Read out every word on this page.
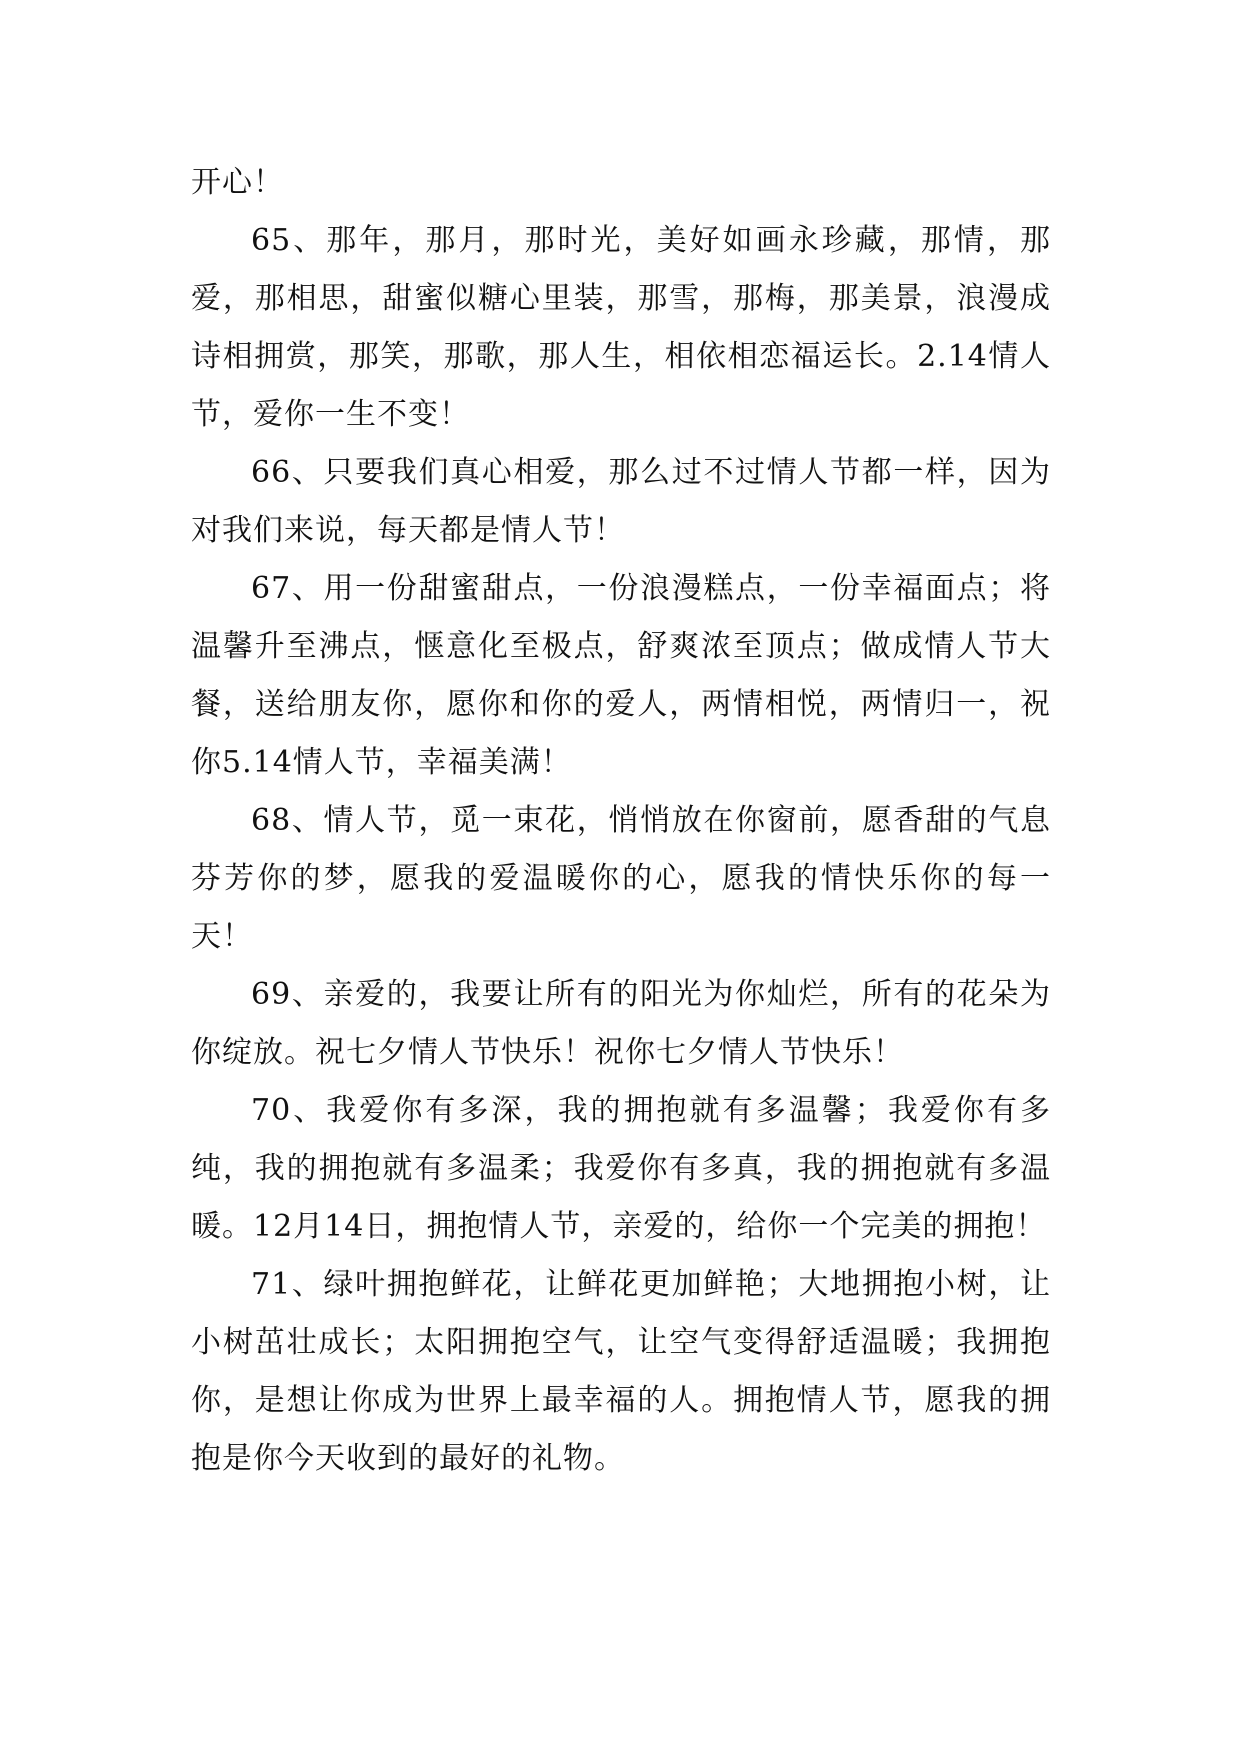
开心！

65、那年，那月，那时光，美好如画永珍藏，那情，那爱，那相思，甜蜜似糖心里装，那雪，那梅，那美景，浪漫成诗相拥赏，那笑，那歌，那人生，相依相恋福运长。2.14情人节，爱你一生不变！

66、只要我们真心相爱，那么过不过情人节都一样，因为对我们来说，每天都是情人节！

67、用一份甜蜜甜点，一份浪漫糕点，一份幸福面点；将温馨升至沸点，惬意化至极点，舒爽浓至顶点；做成情人节大餐，送给朋友你，愿你和你的爱人，两情相悦，两情归一，祝你5.14情人节，幸福美满！

68、情人节，觅一束花，悄悄放在你窗前，愿香甜的气息芬芳你的梦，愿我的爱温暖你的心，愿我的情快乐你的每一天！

69、亲爱的，我要让所有的阳光为你灿烂，所有的花朵为你绽放。祝七夕情人节快乐！祝你七夕情人节快乐！

70、我爱你有多深，我的拥抱就有多温馨；我爱你有多纯，我的拥抱就有多温柔；我爱你有多真，我的拥抱就有多温暖。12月14日，拥抱情人节，亲爱的，给你一个完美的拥抱！

71、绿叶拥抱鲜花，让鲜花更加鲜艳；大地拥抱小树，让小树茁壮成长；太阳拥抱空气，让空气变得舒适温暖；我拥抱你，是想让你成为世界上最幸福的人。拥抱情人节，愿我的拥抱是你今天收到的最好的礼物。
